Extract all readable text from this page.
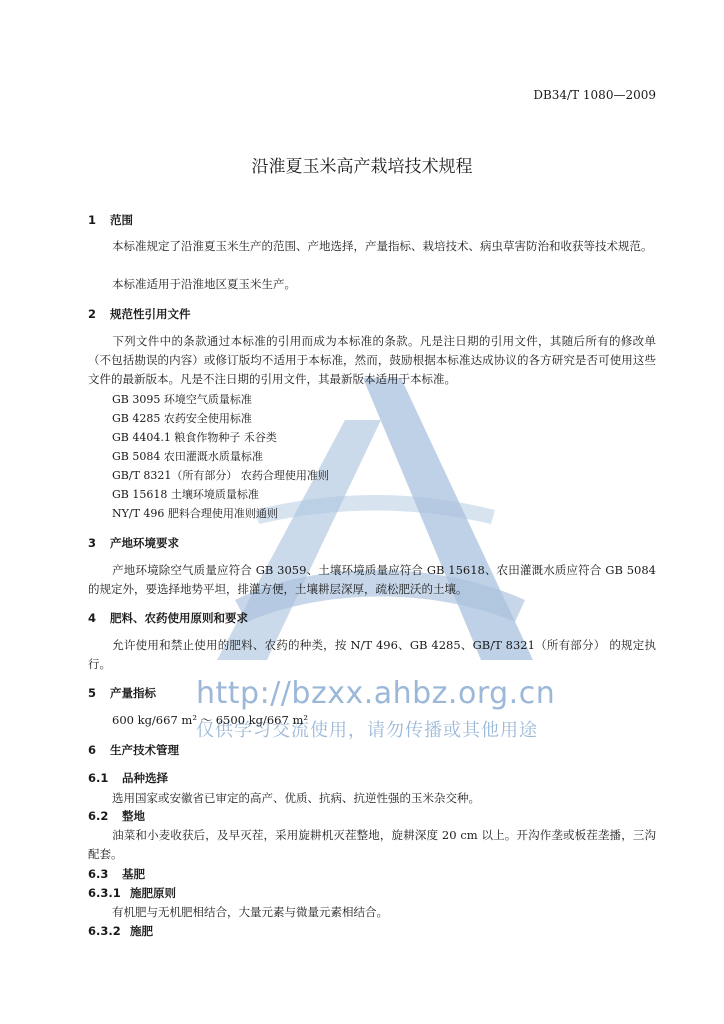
http://bzxx.ahbz.org.cn
仅供学习交流使用，请勿传播或其他用途
DB34/T 1080—2009
沿淮夏玉米高产栽培技术规程
1 范围
本标准规定了沿淮夏玉米生产的范围、产地选择，产量指标、栽培技术、病虫草害防治和收获等技术规范。
本标准适用于沿淮地区夏玉米生产。
2 规范性引用文件
下列文件中的条款通过本标准的引用而成为本标准的条款。凡是注日期的引用文件，其随后所有的修改单（不包括勘误的内容）或修订版均不适用于本标准，然而，鼓励根据本标准达成协议的各方研究是否可使用这些文件的最新版本。凡是不注日期的引用文件，其最新版本适用于本标准。
GB 3095 环境空气质量标准
GB 4285 农药安全使用标准
GB 4404.1 粮食作物种子 禾谷类
GB 5084 农田灌溉水质量标准
GB/T 8321（所有部分） 农药合理使用准则
GB 15618 土壤环境质量标准
NY/T 496 肥料合理使用准则通则
3 产地环境要求
产地环境除空气质量应符合 GB 3059、土壤环境质量应符合 GB 15618、农田灌溉水质应符合 GB 5084 的规定外，要选择地势平坦，排灌方便，土壤耕层深厚，疏松肥沃的土壤。
4 肥料、农药使用原则和要求
允许使用和禁止使用的肥料、农药的种类，按 N/T 496、GB 4285、GB/T 8321（所有部分） 的规定执行。
5 产量指标
600 kg/667 m² ～ 6500 kg/667 m²
6 生产技术管理
6.1 品种选择
选用国家或安徽省已审定的高产、优质、抗病、抗逆性强的玉米杂交种。
6.2 整地
油菜和小麦收获后，及早灭茬，采用旋耕机灭茬整地，旋耕深度 20 cm 以上。开沟作垄或板茬垄播，三沟配套。
6.3 基肥
6.3.1 施肥原则
有机肥与无机肥相结合，大量元素与微量元素相结合。
6.3.2 施肥
